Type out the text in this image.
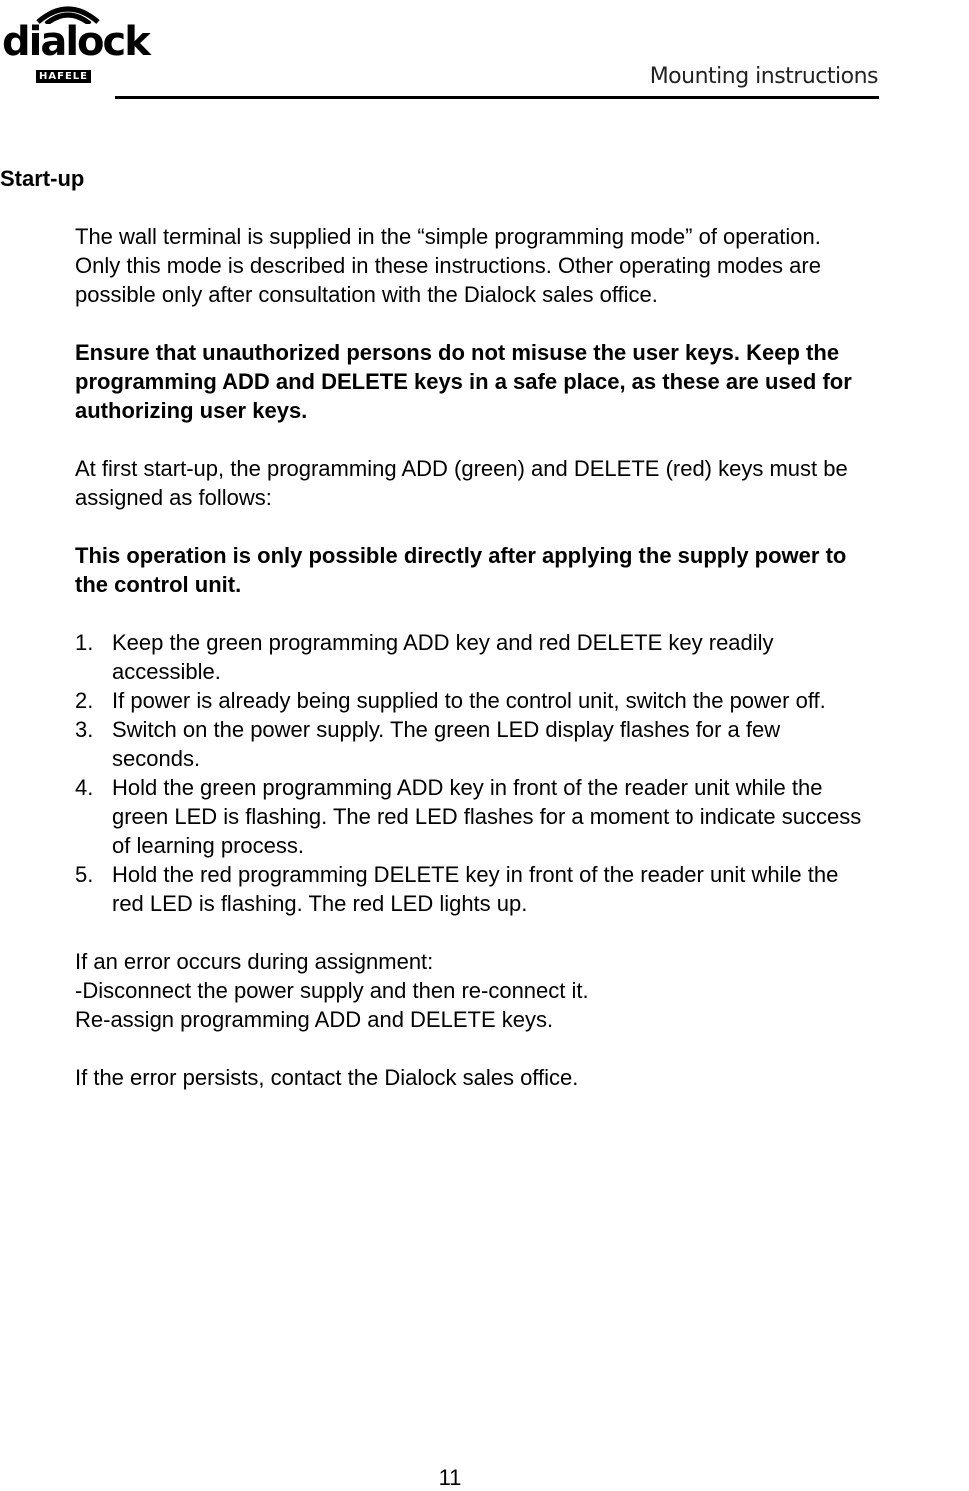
dialock
HAFELE	Mounting instructions
Start-up

The wall terminal is supplied in the “simple programming mode” of operation.
Only this mode is described in these instructions. Other operating modes are
possible only after consultation with the Dialock sales office.

Ensure that unauthorized persons do not misuse the user keys. Keep the
programming ADD and DELETE keys in a safe place, as these are used for
authorizing user keys.

At first start-up, the programming ADD (green) and DELETE (red) keys must be
assigned as follows:

This operation is only possible directly after applying the supply power to
the control unit.

1. Keep the green programming ADD key and red DELETE key readily
accessible.
2. If power is already being supplied to the control unit, switch the power off.
3. Switch on the power supply. The green LED display flashes for a few
seconds.
4. Hold the green programming ADD key in front of the reader unit while the
green LED is flashing. The red LED flashes for a moment to indicate success
of learning process.
5. Hold the red programming DELETE key in front of the reader unit while the
red LED is flashing. The red LED lights up.

If an error occurs during assignment:
-Disconnect the power supply and then re-connect it.
Re-assign programming ADD and DELETE keys.

If the error persists, contact the Dialock sales office.

11
